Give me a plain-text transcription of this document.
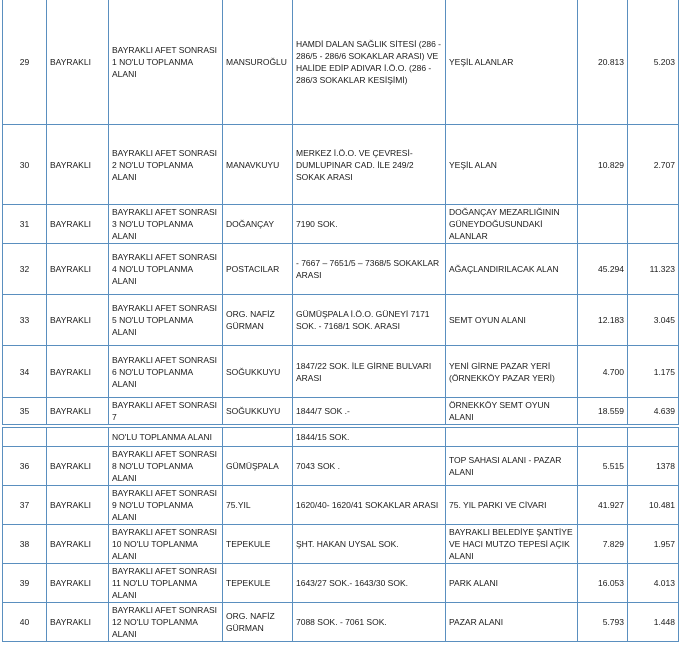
29	BAYRAKLI	BAYRAKLI AFET SONRASI 1 NO'LU TOPLANMA ALANI	MANSUROĞLU	HAMDİ DALAN SAĞLIK SİTESİ (286 - 286/5 - 286/6 SOKAKLAR ARASI) VE HALİDE EDİP ADIVAR İ.Ö.O. (286 - 286/3 SOKAKLAR KESİŞİMİ)	YEŞİL ALANLAR	20.813	5.203
30	BAYRAKLI	BAYRAKLI AFET SONRASI 2 NO'LU TOPLANMA ALANI	MANAVKUYU	MERKEZ İ.Ö.O. VE ÇEVRESİ-DUMLUPINAR CAD. İLE 249/2 SOKAK ARASI	YEŞİL ALAN	10.829	2.707
31	BAYRAKLI	BAYRAKLI AFET SONRASI 3 NO'LU TOPLANMA ALANI	DOĞANÇAY	7190 SOK.	DOĞANÇAY MEZARLIĞININ GÜNEYDOĞUSUNDAKİ ALANLAR		
32	BAYRAKLI	BAYRAKLI AFET SONRASI 4 NO'LU TOPLANMA ALANI	POSTACILAR	- 7667 – 7651/5 – 7368/5 SOKAKLAR ARASI	AĞAÇLANDIRILACAK ALAN	45.294	11.323
33	BAYRAKLI	BAYRAKLI AFET SONRASI 5 NO'LU TOPLANMA ALANI	ORG. NAFİZ GÜRMAN	GÜMÜŞPALA İ.Ö.O. GÜNEYİ 7171 SOK. - 7168/1 SOK. ARASI	SEMT OYUN ALANI	12.183	3.045
34	BAYRAKLI	BAYRAKLI AFET SONRASI 6 NO'LU TOPLANMA ALANI	SOĞUKKUYU	1847/22 SOK. İLE GİRNE BULVARI ARASI	YENİ GİRNE PAZAR YERİ (ÖRNEKKÖY PAZAR YERİ)	4.700	1.175
35	BAYRAKLI	BAYRAKLI AFET SONRASI 7	SOĞUKKUYU	1844/7 SOK .-	ÖRNEKKÖY SEMT OYUN ALANI	18.559	4.639
		NO'LU TOPLANMA ALANI		1844/15 SOK.			
36	BAYRAKLI	BAYRAKLI AFET SONRASI 8 NO'LU TOPLANMA ALANI	GÜMÜŞPALA	7043 SOK .	TOP SAHASI ALANI - PAZAR ALANI	5.515	1378
37	BAYRAKLI	BAYRAKLI AFET SONRASI 9 NO'LU TOPLANMA ALANI	75.YIL	1620/40- 1620/41 SOKAKLAR ARASI	75. YIL PARKI VE CİVARI	41.927	10.481
38	BAYRAKLI	BAYRAKLI AFET SONRASI 10 NO'LU TOPLANMA ALANI	TEPEKULE	ŞHT. HAKAN UYSAL SOK.	BAYRAKLI BELEDİYE ŞANTİYE VE HACI MUTZO TEPESİ AÇIK ALANI	7.829	1.957
39	BAYRAKLI	BAYRAKLI AFET SONRASI 11 NO'LU TOPLANMA ALANI	TEPEKULE	1643/27 SOK.- 1643/30 SOK.	PARK ALANI	16.053	4.013
40	BAYRAKLI	BAYRAKLI AFET SONRASI 12 NO'LU TOPLANMA ALANI	ORG. NAFİZ GÜRMAN	7088 SOK. - 7061 SOK.	PAZAR ALANI	5.793	1.448
